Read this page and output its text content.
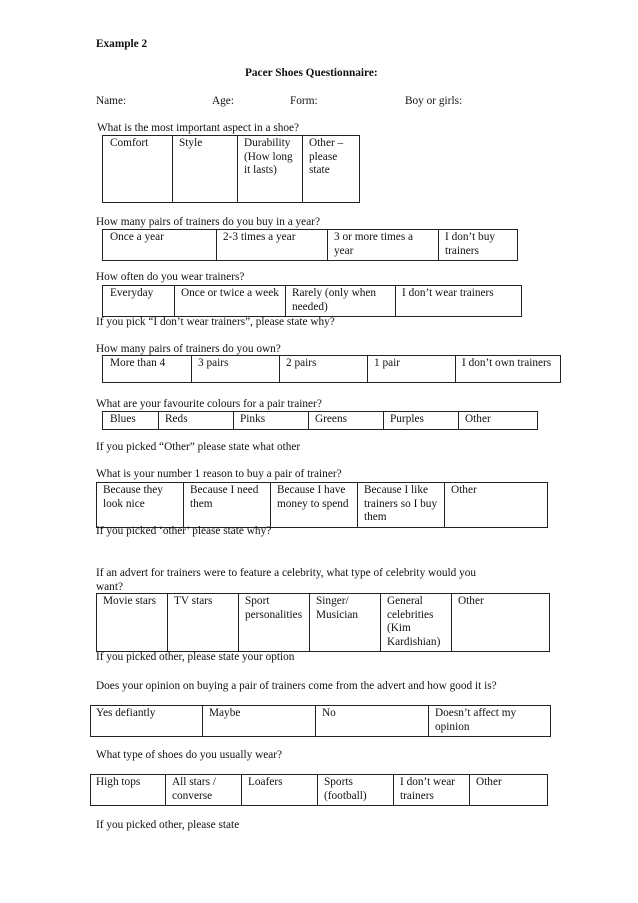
Example 2
Pacer Shoes Questionnaire:
Name:	Age:	Form:	Boy or girls:
What is the most important aspect in a shoe?
Comfort	Style	Durability (How long it lasts)	Other – please state
How many pairs of trainers do you buy in a year?
Once a year	2-3 times a year	3 or more times a year	I don’t buy trainers
How often do you wear trainers?
Everyday	Once or twice a week	Rarely (only when needed)	I don’t wear trainers
If you pick “I don’t wear trainers”, please state why?
How many pairs of trainers do you own?
More than 4	3 pairs	2 pairs	1 pair	I don’t own trainers
What are your favourite colours for a pair trainer?
Blues	Reds	Pinks	Greens	Purples	Other
If you picked “Other” please state what other
What is your number 1 reason to buy a pair of trainer?
Because they look nice	Because I need them	Because I have money to spend	Because I like trainers so I buy them	Other
If you picked ‘other’ please state why?
If an advert for trainers were to feature a celebrity, what type of celebrity would you
want?
Movie stars	TV stars	Sport personalities	Singer/ Musician	General celebrities (Kim Kardishian)	Other
If you picked other, please state your option
Does your opinion on buying a pair of trainers come from the advert and how good it is?
Yes defiantly	Maybe	No	Doesn’t affect my opinion
What type of shoes do you usually wear?
High tops	All stars / converse	Loafers	Sports (football)	I don’t wear trainers	Other
If you picked other, please state
